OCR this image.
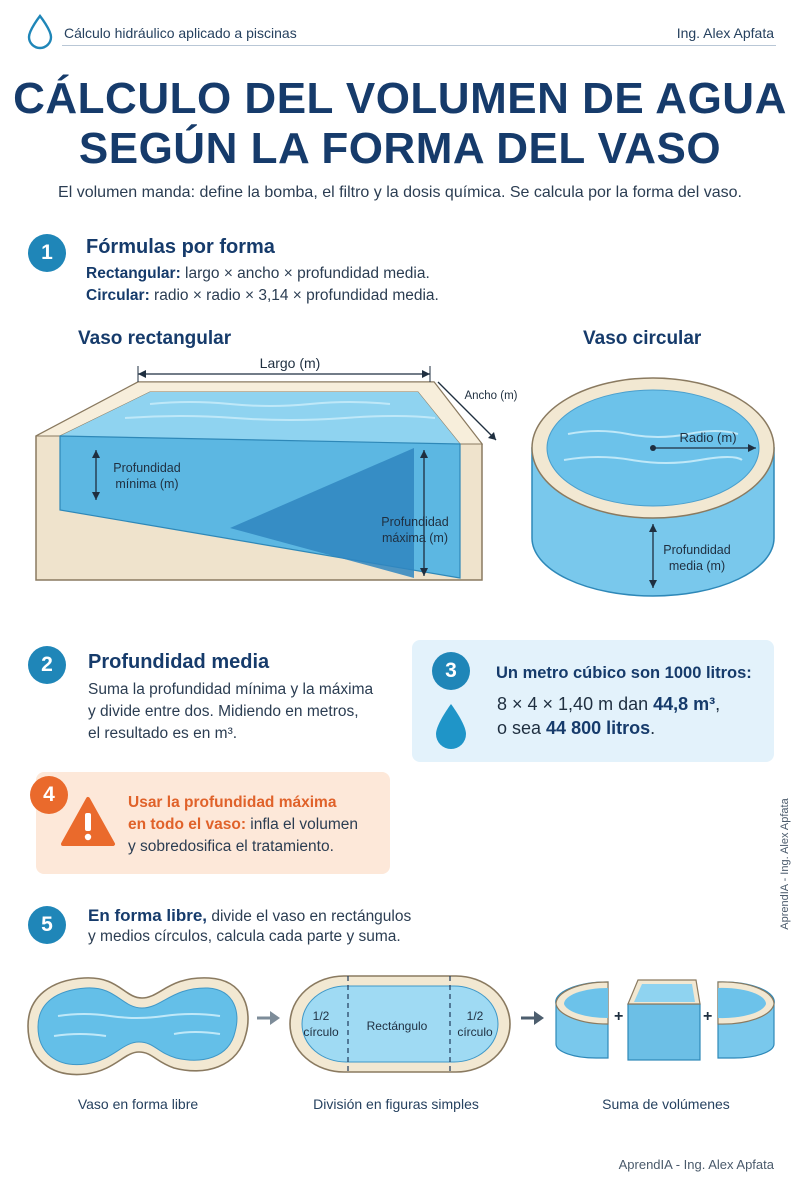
Cálculo hidráulico aplicado a piscinas	Ing. Alex Apfata
CÁLCULO DEL VOLUMEN DE AGUA
SEGÚN LA FORMA DEL VASO
El volumen manda: define la bomba, el filtro y la dosis química. Se calcula por la forma del vaso.
1	Fórmulas por forma
Rectangular: largo × ancho × profundidad media.
Circular: radio × radio × 3,14 × profundidad media.
Vaso rectangular
Largo (m)
Ancho (m)
Profundidad
mínima (m)
Profundidad
máxima (m)
Vaso circular
Radio (m)
Profundidad
media (m)
2	Profundidad media
Suma la profundidad mínima y la máxima
y divide entre dos. Midiendo en metros,
el resultado es en m³.
3	Un metro cúbico son 1000 litros:
8 × 4 × 1,40 m dan 44,8 m³,
o sea 44 800 litros.
4	Usar la profundidad máxima
en todo el vaso: infla el volumen
y sobredosifica el tratamiento.	AprendIA - Ing. Alex Apfata
5	En forma libre, divide el vaso en rectángulos
y medios círculos, calcula cada parte y suma.
1/2
círculo	Rectángulo
1/2
círculo
+	+
Vaso en forma libre	División en figuras simples	Suma de volúmenes
AprendIA - Ing. Alex Apfata
